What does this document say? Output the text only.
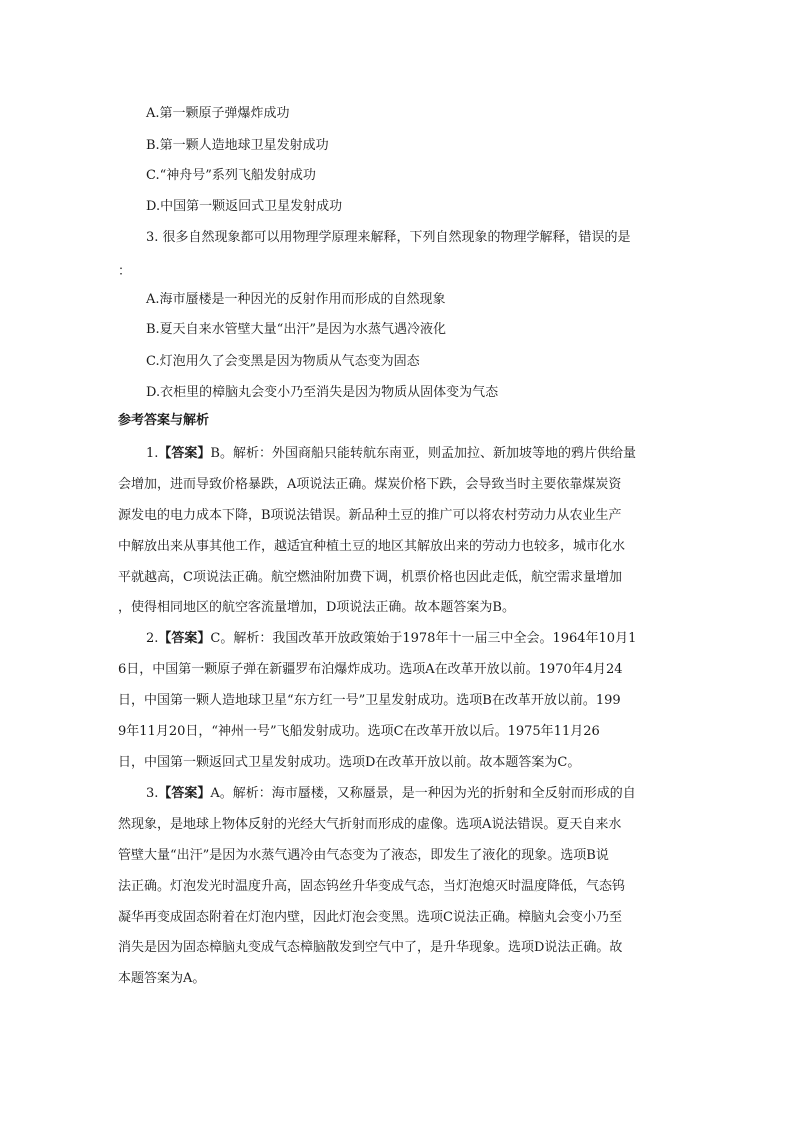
A.第一颗原子弹爆炸成功
B.第一颗人造地球卫星发射成功
C.“神舟号”系列飞船发射成功
D.中国第一颗返回式卫星发射成功
3. 很多自然现象都可以用物理学原理来解释，下列自然现象的物理学解释，错误的是
：
A.海市蜃楼是一种因光的反射作用而形成的自然现象
B.夏天自来水管壁大量“出汗”是因为水蒸气遇冷液化
C.灯泡用久了会变黑是因为物质从气态变为固态
D.衣柜里的樟脑丸会变小乃至消失是因为物质从固体变为气态
参考答案与解析
1.【答案】B。解析：外国商船只能转航东南亚，则孟加拉、新加坡等地的鸦片供给量
会增加，进而导致价格暴跌，A项说法正确。煤炭价格下跌，会导致当时主要依靠煤炭资
源发电的电力成本下降，B项说法错误。新品种土豆的推广可以将农村劳动力从农业生产
中解放出来从事其他工作，越适宜种植土豆的地区其解放出来的劳动力也较多，城市化水
平就越高，C项说法正确。航空燃油附加费下调，机票价格也因此走低，航空需求量增加
，使得相同地区的航空客流量增加，D项说法正确。故本题答案为B。
2.【答案】C。解析：我国改革开放政策始于1978年十一届三中全会。1964年10月1
6日，中国第一颗原子弹在新疆罗布泊爆炸成功。选项A在改革开放以前。1970年4月24
日，中国第一颗人造地球卫星“东方红一号”卫星发射成功。选项B在改革开放以前。199
9年11月20日，“神州一号”飞船发射成功。选项C在改革开放以后。1975年11月26
日，中国第一颗返回式卫星发射成功。选项D在改革开放以前。故本题答案为C。
3.【答案】A。解析：海市蜃楼，又称蜃景，是一种因为光的折射和全反射而形成的自
然现象，是地球上物体反射的光经大气折射而形成的虚像。选项A说法错误。夏天自来水
管壁大量“出汗”是因为水蒸气遇冷由气态变为了液态，即发生了液化的现象。选项B说
法正确。灯泡发光时温度升高，固态钨丝升华变成气态，当灯泡熄灭时温度降低，气态钨
凝华再变成固态附着在灯泡内壁，因此灯泡会变黑。选项C说法正确。樟脑丸会变小乃至
消失是因为固态樟脑丸变成气态樟脑散发到空气中了，是升华现象。选项D说法正确。故
本题答案为A。
